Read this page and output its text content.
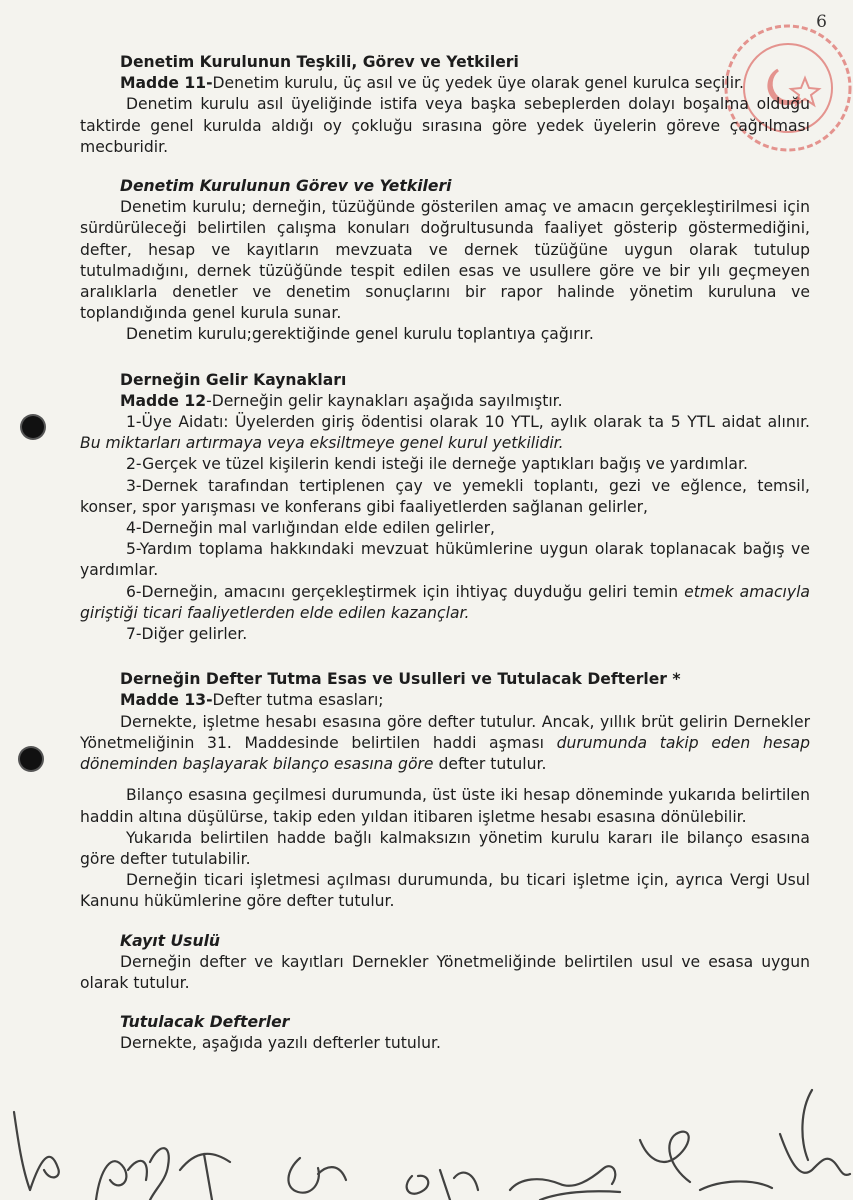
6

Denetim Kurulunun Teşkili, Görev ve Yetkileri

Madde 11-Denetim kurulu, üç asıl ve üç yedek üye olarak genel kurulca seçilir.

Denetim kurulu asıl üyeliğinde istifa veya başka sebeplerden dolayı boşalma olduğu taktirde genel kurulda aldığı oy çokluğu sırasına göre yedek üyelerin göreve çağrılması mecburidir.

Denetim Kurulunun Görev ve Yetkileri

Denetim kurulu; derneğin, tüzüğünde gösterilen amaç ve amacın gerçekleştirilmesi için sürdürüleceği belirtilen çalışma konuları doğrultusunda faaliyet gösterip göstermediğini, defter, hesap ve kayıtların mevzuata ve dernek tüzüğüne uygun olarak tutulup tutulmadığını, dernek tüzüğünde tespit edilen esas ve usullere göre ve bir yılı geçmeyen aralıklarla denetler ve denetim sonuçlarını bir rapor halinde yönetim kuruluna ve toplandığında genel kurula sunar.

Denetim kurulu;gerektiğinde genel kurulu toplantıya çağırır.

Derneğin Gelir Kaynakları

Madde 12-Derneğin gelir kaynakları aşağıda sayılmıştır.

1-Üye Aidatı: Üyelerden giriş ödentisi olarak 10 YTL, aylık olarak ta 5 YTL aidat alınır. Bu miktarları artırmaya veya eksiltmeye genel kurul yetkilidir.

2-Gerçek ve tüzel kişilerin kendi isteği ile derneğe yaptıkları bağış ve yardımlar.

3-Dernek tarafından tertiplenen çay ve yemekli toplantı, gezi ve eğlence, temsil, konser, spor yarışması ve konferans gibi faaliyetlerden sağlanan gelirler,

4-Derneğin mal varlığından elde edilen gelirler,

5-Yardım toplama hakkındaki mevzuat hükümlerine uygun olarak toplanacak bağış ve yardımlar.

6-Derneğin, amacını gerçekleştirmek için ihtiyaç duyduğu geliri temin etmek amacıyla giriştiği ticari faaliyetlerden elde edilen kazançlar.

7-Diğer gelirler.

Derneğin Defter Tutma Esas ve Usulleri ve Tutulacak Defterler *

Madde 13-Defter tutma esasları;

Dernekte, işletme hesabı esasına göre defter tutulur. Ancak, yıllık brüt gelirin Dernekler Yönetmeliğinin 31. Maddesinde belirtilen haddi aşması durumunda takip eden hesap döneminden başlayarak bilanço esasına göre defter tutulur.

Bilanço esasına geçilmesi durumunda, üst üste iki hesap döneminde yukarıda belirtilen haddin altına düşülürse, takip eden yıldan itibaren işletme hesabı esasına dönülebilir.

Yukarıda belirtilen hadde bağlı kalmaksızın yönetim kurulu kararı ile bilanço esasına göre defter tutulabilir.

Derneğin ticari işletmesi açılması durumunda, bu ticari işletme için, ayrıca Vergi Usul Kanunu hükümlerine göre defter tutulur.

Kayıt Usulü

Derneğin defter ve kayıtları Dernekler Yönetmeliğinde belirtilen usul ve esasa uygun olarak tutulur.

Tutulacak Defterler

Dernekte, aşağıda yazılı defterler tutulur.
